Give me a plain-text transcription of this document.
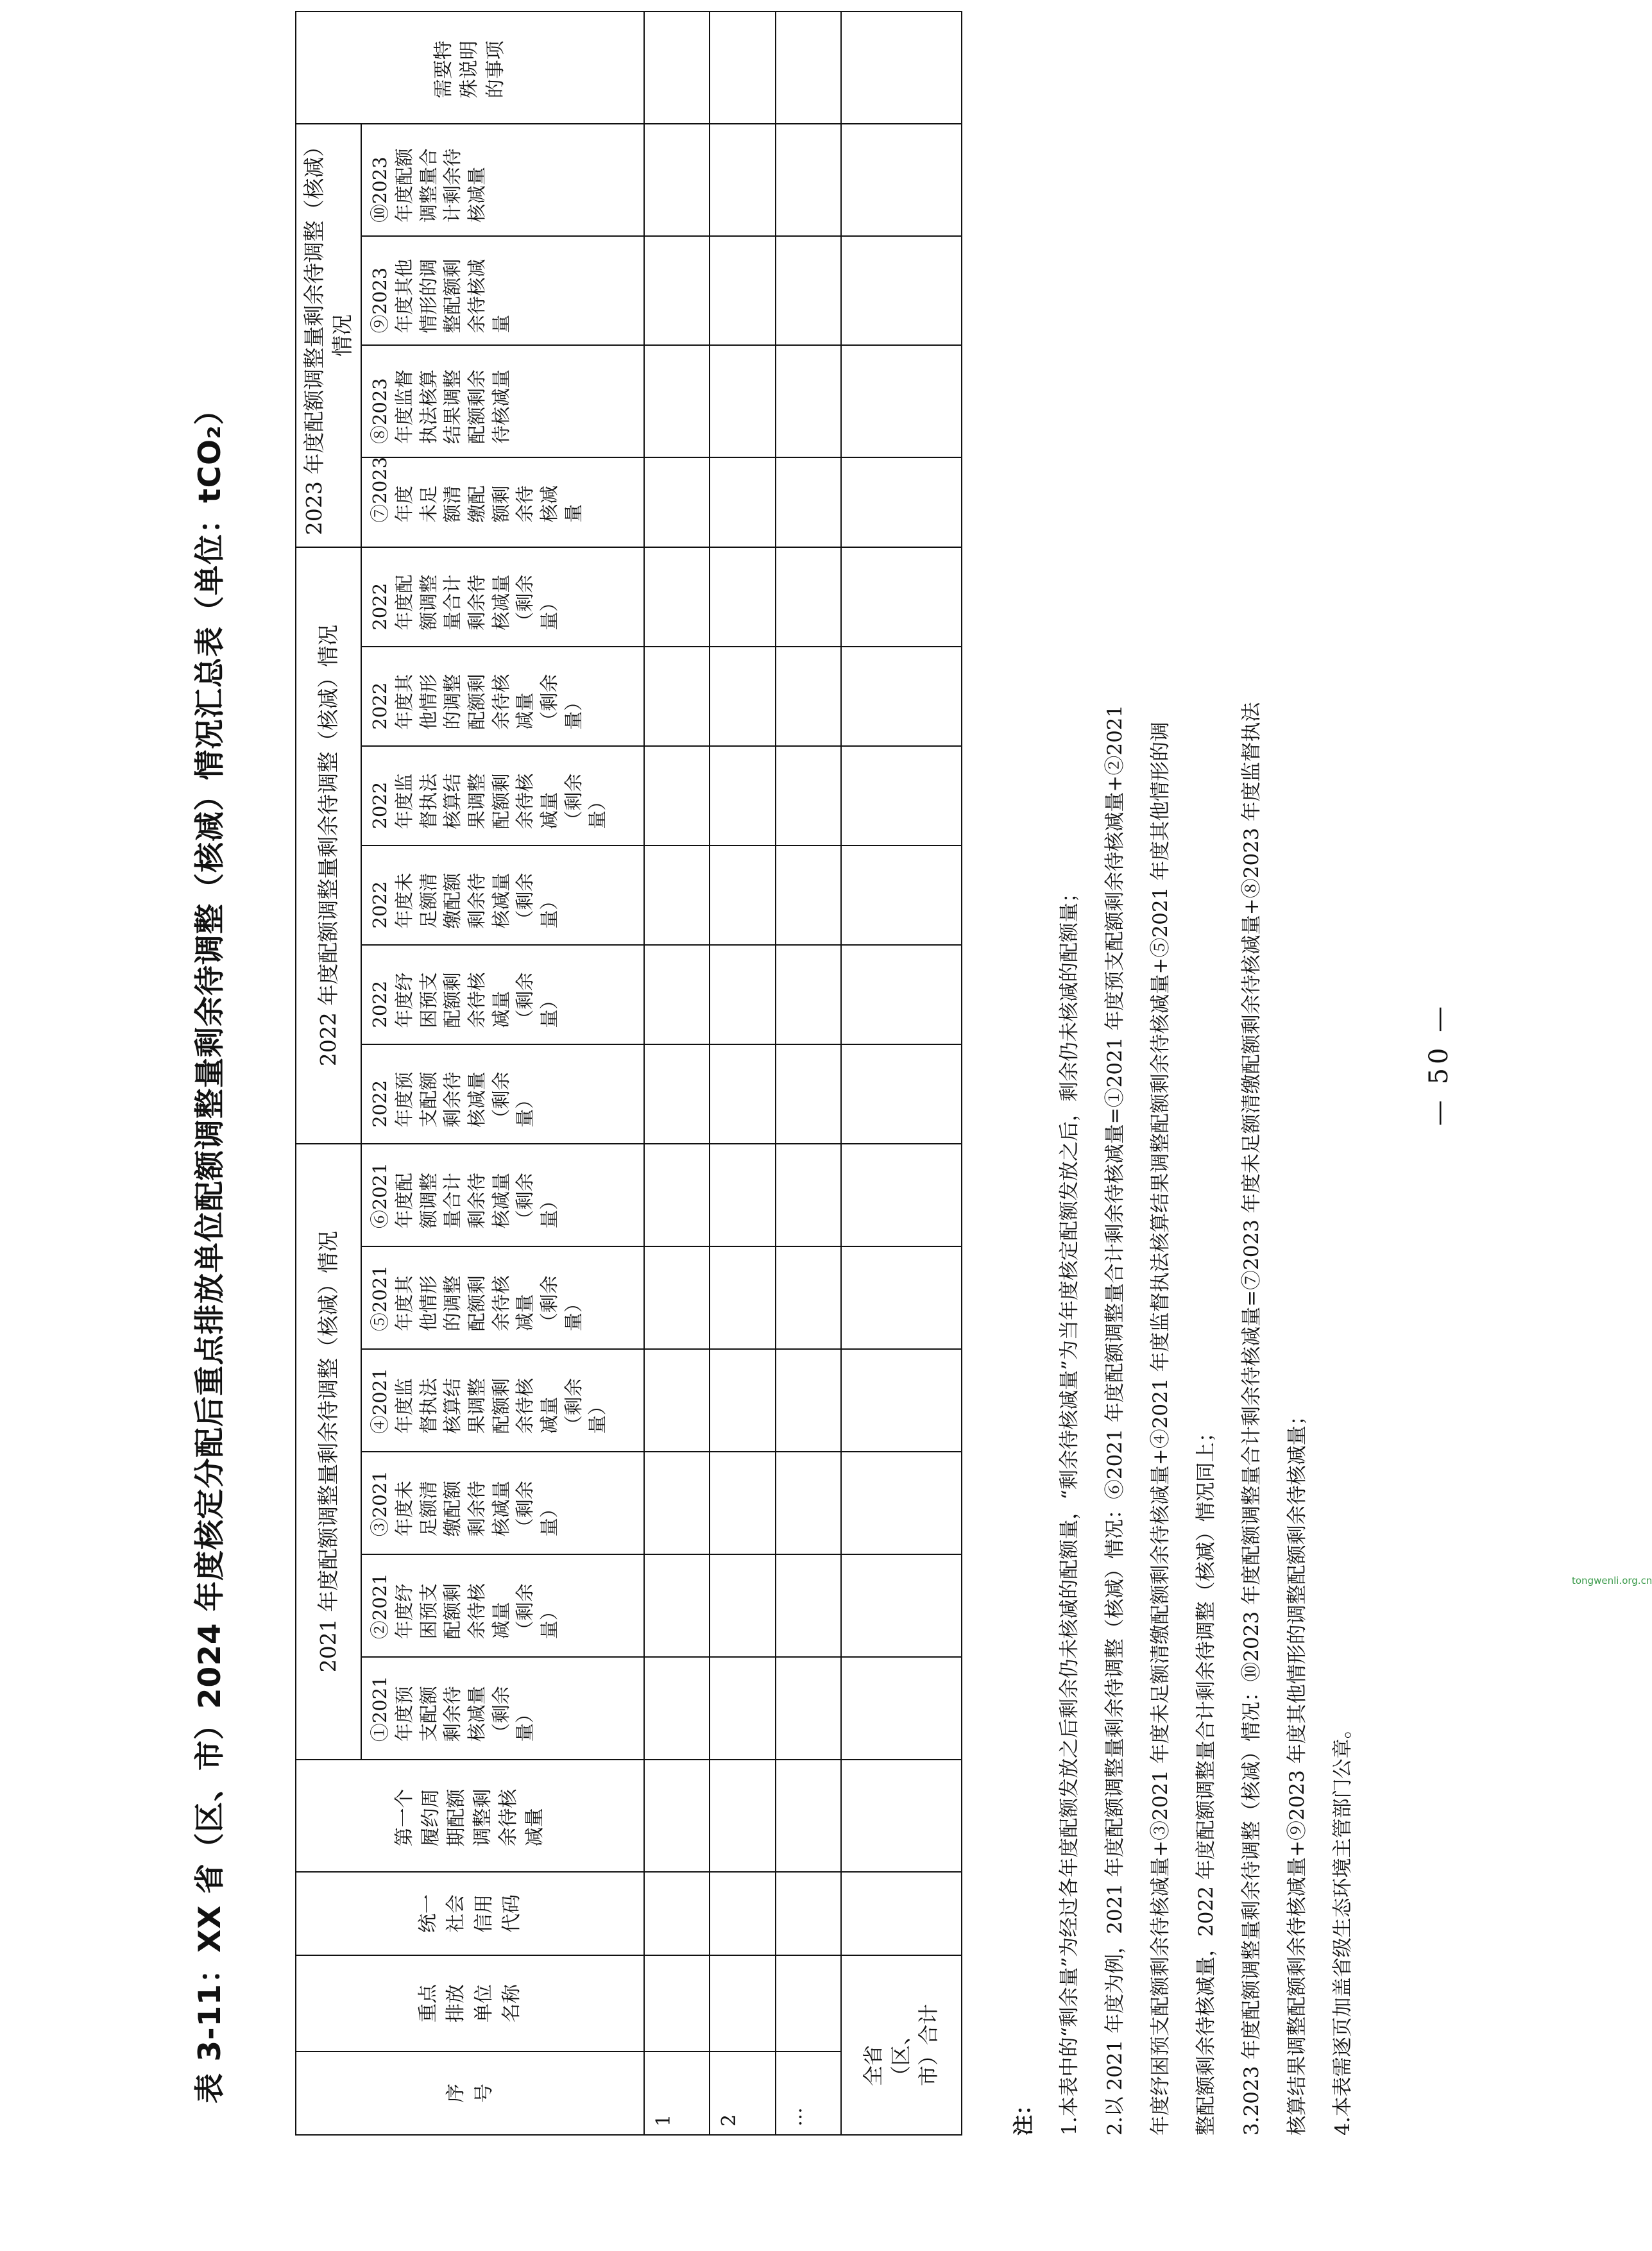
表 3-11：XX 省（区、市）2024 年度核定分配后重点排放单位配额调整量剩余待调整（核减）情况汇总表（单位：tCO₂）	序号	重点排放单位名称	统一社会信用代码	第一个履约周期配额调整剩余待核减量	2021 年度配额调整量剩余待调整（核减）情况						2022 年度配额调整量剩余待调整（核减）情况						2023 年度配额调整量剩余待调整（核减）情况				需要特殊说明的事项

				①2021 年度预支配额剩余待核减量（剩余量）	②2021 年度纾困预支配额剩余待核减量（剩余量）	③2021 年度未足额清缴配额剩余待核减量（剩余量）	④2021 年度监督执法核算结果调整配额剩余待核减量（剩余量）	⑤2021 年度其他情形的调整配额剩余待核减量（剩余量）	⑥2021 年度配额调整量合计剩余待核减量（剩余量）	2022 年度预支配额剩余待核减量（剩余量）	2022 年度纾困预支配额剩余待核减量（剩余量）	2022 年度未足额清缴配额剩余待核减量（剩余量）	2022 年度监督执法核算结果调整配额剩余待核减量（剩余量）	2022 年度其他情形的调整配额剩余待核减量（剩余量）	2022 年度配额调整量合计剩余待核减量（剩余量）	⑦2023 年度未足额清缴配额剩余待核减量	⑧2023 年度监督执法核算结果调整配额剩余待核减量	⑨2023 年度其他情形的调整配额剩余待核减量	⑩2023 年度配额调整量合计剩余待核减量	

1																				
2																				
…																				

全省（区、市）合计																				

注：	1.本表中的“剩余量”为经过各年度配额发放之后剩余仍未核减的配额量，“剩余待核减量”为当年度核定配额发放之后，剩余仍未核减的配额量；	2.以 2021 年度为例，2021 年度配额调整量剩余待调整（核减）情况：⑥2021 年度配额调整量合计剩余待核减量=①2021 年度预支配额剩余待核减量+②2021	年度纾困预支配额剩余待核减量+③2021 年度未足额清缴配额剩余待核减量+④2021 年度监督执法核算结果调整配额剩余待核减量+⑤2021 年度其他情形的调	整配额剩余待核减量，2022 年度配额调整量合计剩余待调整（核减）情况同上；	3.2023 年度配额调整量剩余待调整（核减）情况：⑩2023 年度配额调整量合计剩余待核减量=⑦2023 年度未足额清缴配额剩余待核减量+⑧2023 年度监督执法	核算结果调整配额剩余待核减量+⑨2023 年度其他情形的调整配额剩余待核减量；	4.本表需逐页加盖省级生态环境主管部门公章。

— 50 —
tongwenli.org.cn
